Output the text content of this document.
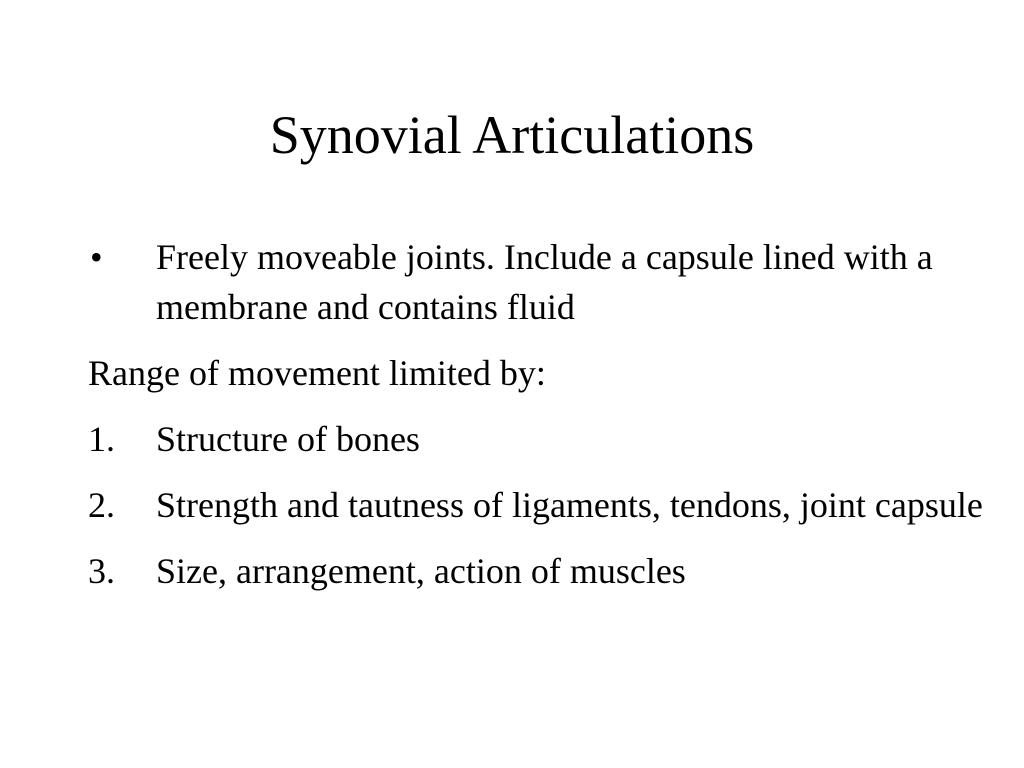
Synovial Articulations
• Freely moveable joints. Include a capsule lined with a membrane and contains fluid
Range of movement limited by:
1. Structure of bones
2. Strength and tautness of ligaments, tendons, joint capsule
3. Size, arrangement, action of muscles
